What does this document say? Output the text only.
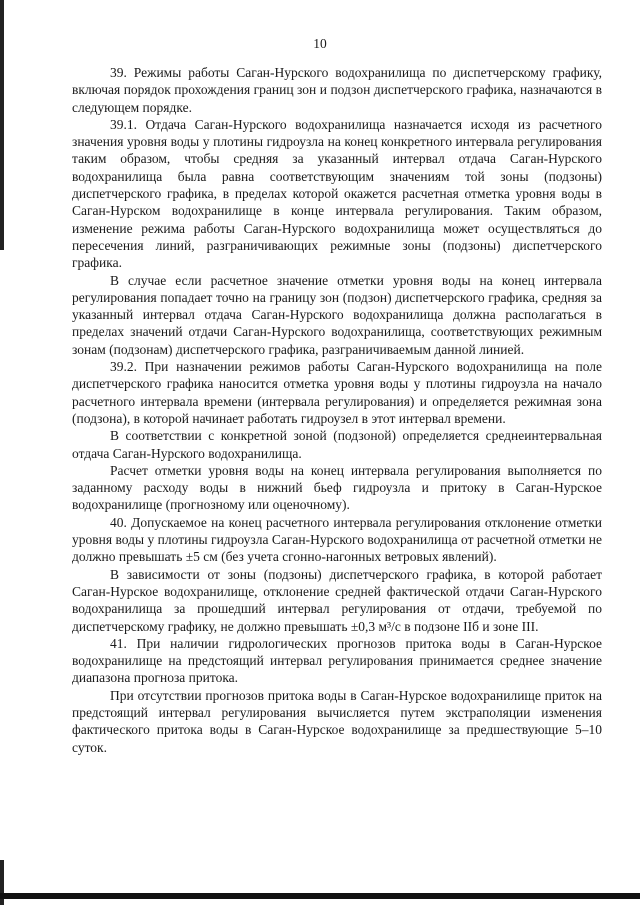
10

39. Режимы работы Саган-Нурского водохранилища по диспетчерскому графику, включая порядок прохождения границ зон и подзон диспетчерского графика, назначаются в следующем порядке.

39.1. Отдача Саган-Нурского водохранилища назначается исходя из расчетного значения уровня воды у плотины гидроузла на конец конкретного интервала регулирования таким образом, чтобы средняя за указанный интервал отдача Саган-Нурского водохранилища была равна соответствующим значениям той зоны (подзоны) диспетчерского графика, в пределах которой окажется расчетная отметка уровня воды в Саган-Нурском водохранилище в конце интервала регулирования. Таким образом, изменение режима работы Саган-Нурского водохранилища может осуществляться до пересечения линий, разграничивающих режимные зоны (подзоны) диспетчерского графика.

В случае если расчетное значение отметки уровня воды на конец интервала регулирования попадает точно на границу зон (подзон) диспетчерского графика, средняя за указанный интервал отдача Саган-Нурского водохранилища должна располагаться в пределах значений отдачи Саган-Нурского водохранилища, соответствующих режимным зонам (подзонам) диспетчерского графика, разграничиваемым данной линией.

39.2. При назначении режимов работы Саган-Нурского водохранилища на поле диспетчерского графика наносится отметка уровня воды у плотины гидроузла на начало расчетного интервала времени (интервала регулирования) и определяется режимная зона (подзона), в которой начинает работать гидроузел в этот интервал времени.

В соответствии с конкретной зоной (подзоной) определяется среднеинтервальная отдача Саган-Нурского водохранилища.

Расчет отметки уровня воды на конец интервала регулирования выполняется по заданному расходу воды в нижний бьеф гидроузла и притоку в Саган-Нурское водохранилище (прогнозному или оценочному).

40. Допускаемое на конец расчетного интервала регулирования отклонение отметки уровня воды у плотины гидроузла Саган-Нурского водохранилища от расчетной отметки не должно превышать ±5 см (без учета сгонно-нагонных ветровых явлений).

В зависимости от зоны (подзоны) диспетчерского графика, в которой работает Саган-Нурское водохранилище, отклонение средней фактической отдачи Саган-Нурского водохранилища за прошедший интервал регулирования от отдачи, требуемой по диспетчерскому графику, не должно превышать ±0,3 м³/с в подзоне IIб и зоне III.

41. При наличии гидрологических прогнозов притока воды в Саган-Нурское водохранилище на предстоящий интервал регулирования принимается среднее значение диапазона прогноза притока.

При отсутствии прогнозов притока воды в Саган-Нурское водохранилище приток на предстоящий интервал регулирования вычисляется путем экстраполяции изменения фактического притока воды в Саган-Нурское водохранилище за предшествующие 5–10 суток.
